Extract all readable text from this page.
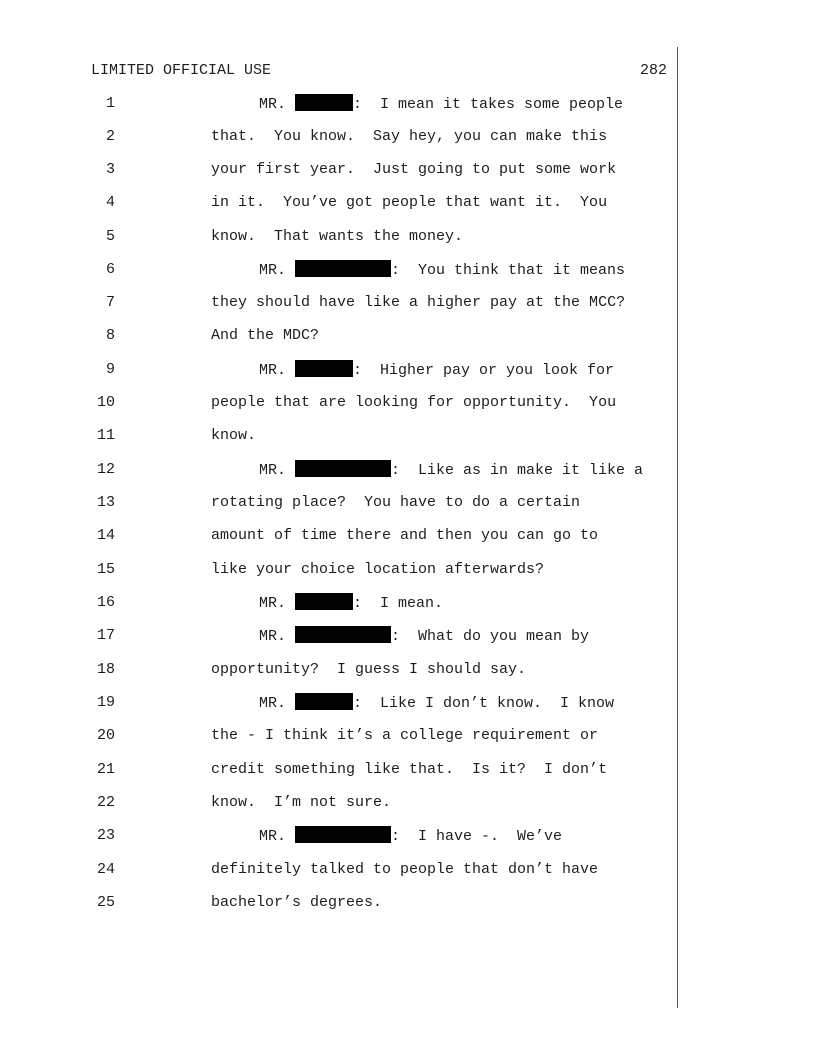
LIMITED OFFICIAL USE	282
1	MR.	:  I mean it takes some people
2	that.  You know.  Say hey, you can make this
3	your first year.  Just going to put some work
4	in it.  You’ve got people that want it.  You
5	know.  That wants the money.
6	MR.	:  You think that it means
7	they should have like a higher pay at the MCC?
8	And the MDC?
9	MR.	:  Higher pay or you look for
10	people that are looking for opportunity.  You
11	know.
12	MR.	:  Like as in make it like a
13	rotating place?  You have to do a certain
14	amount of time there and then you can go to
15	like your choice location afterwards?
16	MR.	:  I mean.
17	MR.	:  What do you mean by
18	opportunity?  I guess I should say.
19	MR.	:  Like I don’t know.  I know
20	the - I think it’s a college requirement or
21	credit something like that.  Is it?  I don’t
22	know.  I’m not sure.
23	MR.	:  I have -.  We’ve
24	definitely talked to people that don’t have
25	bachelor’s degrees.
